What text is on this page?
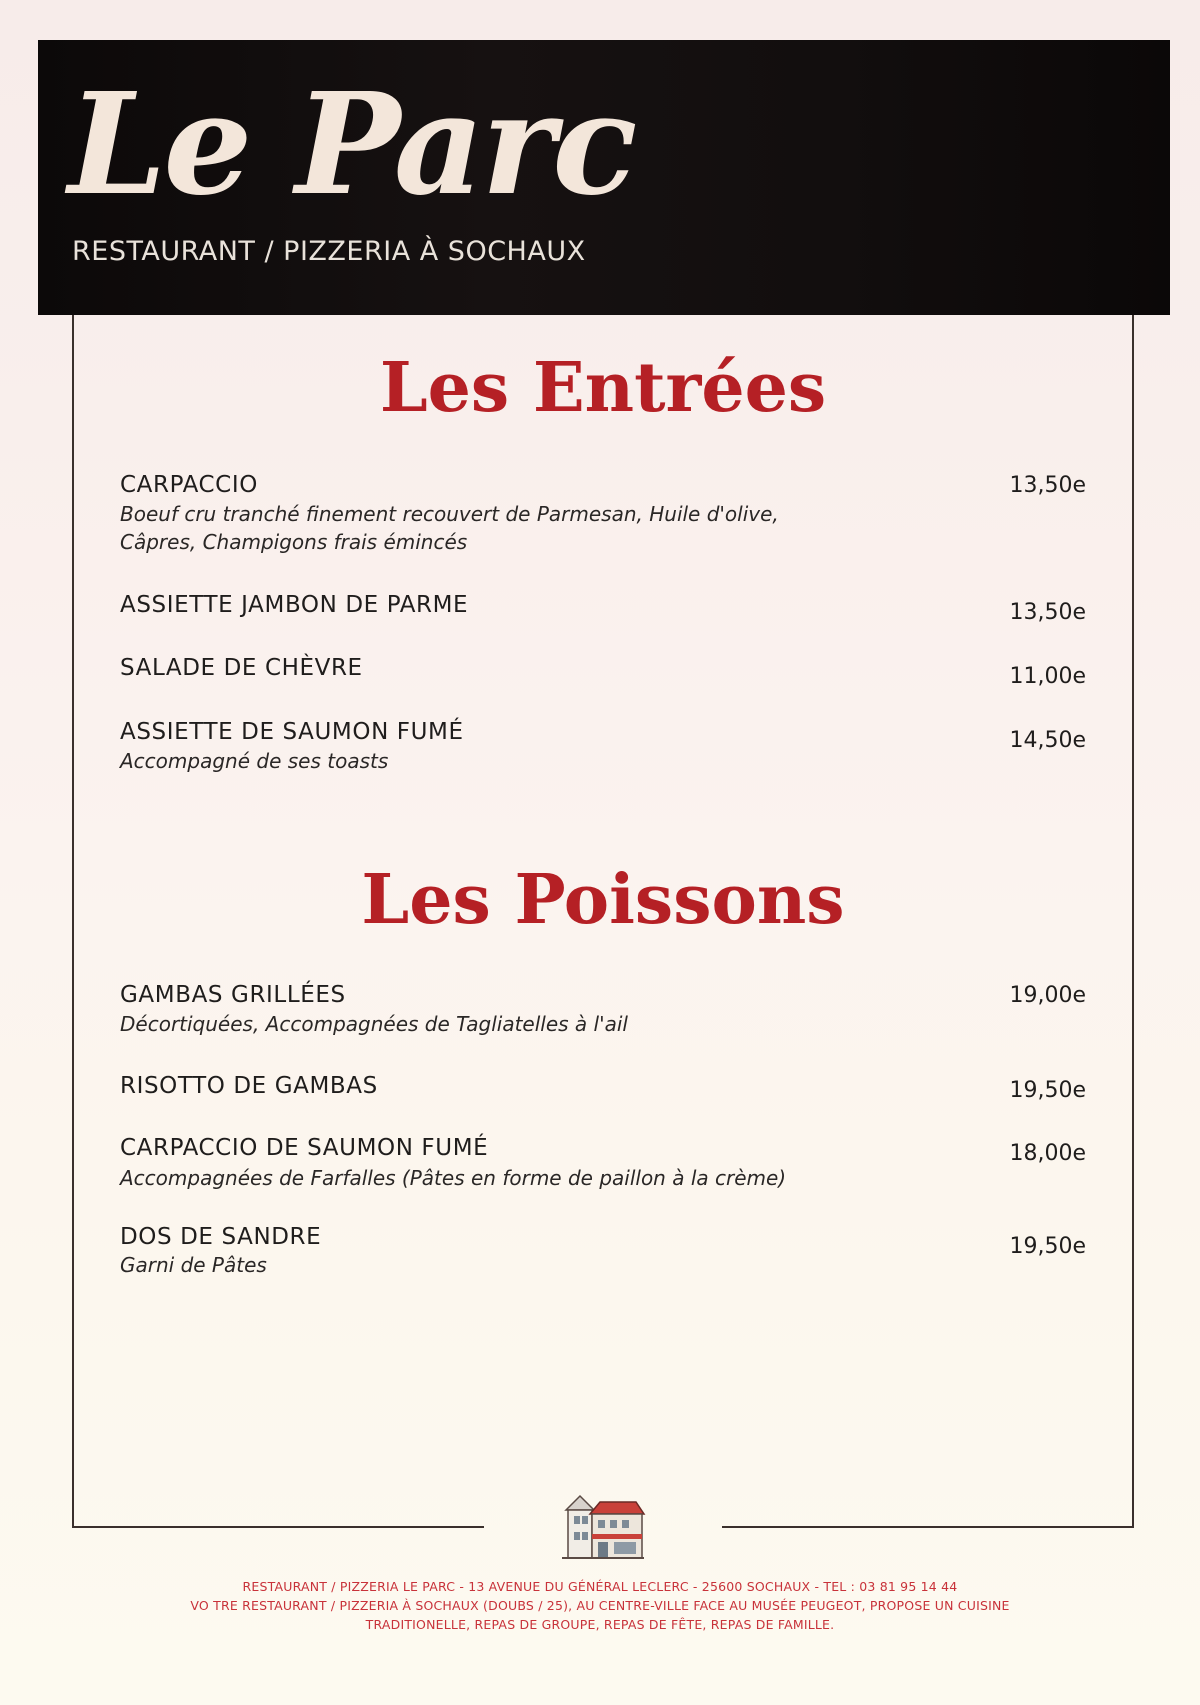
Le Parc
RESTAURANT / PIZZERIA À SOCHAUX
Les Entrées
CARPACCIO	13,50e
Boeuf cru tranché finement recouvert de Parmesan, Huile d'olive,
Câpres, Champigons frais émincés
ASSIETTE JAMBON DE PARME	13,50e
SALADE DE CHÈVRE	11,00e
ASSIETTE DE SAUMON FUMÉ	14,50e
Accompagné de ses toasts
Les Poissons
GAMBAS GRILLÉES	19,00e
Décortiquées, Accompagnées de Tagliatelles à l'ail
RISOTTO DE GAMBAS	19,50e
CARPACCIO DE SAUMON FUMÉ	18,00e
Accompagnées de Farfalles (Pâtes en forme de paillon à la crème)
DOS DE SANDRE	19,50e
Garni de Pâtes
RESTAURANT / PIZZERIA LE PARC - 13 AVENUE DU GÉNÉRAL LECLERC - 25600 SOCHAUX - TEL : 03 81 95 14 44
VO TRE RESTAURANT / PIZZERIA À SOCHAUX (DOUBS / 25), AU CENTRE-VILLE FACE AU MUSÉE PEUGEOT, PROPOSE UN CUISINE
TRADITIONELLE, REPAS DE GROUPE, REPAS DE FÊTE, REPAS DE FAMILLE.
